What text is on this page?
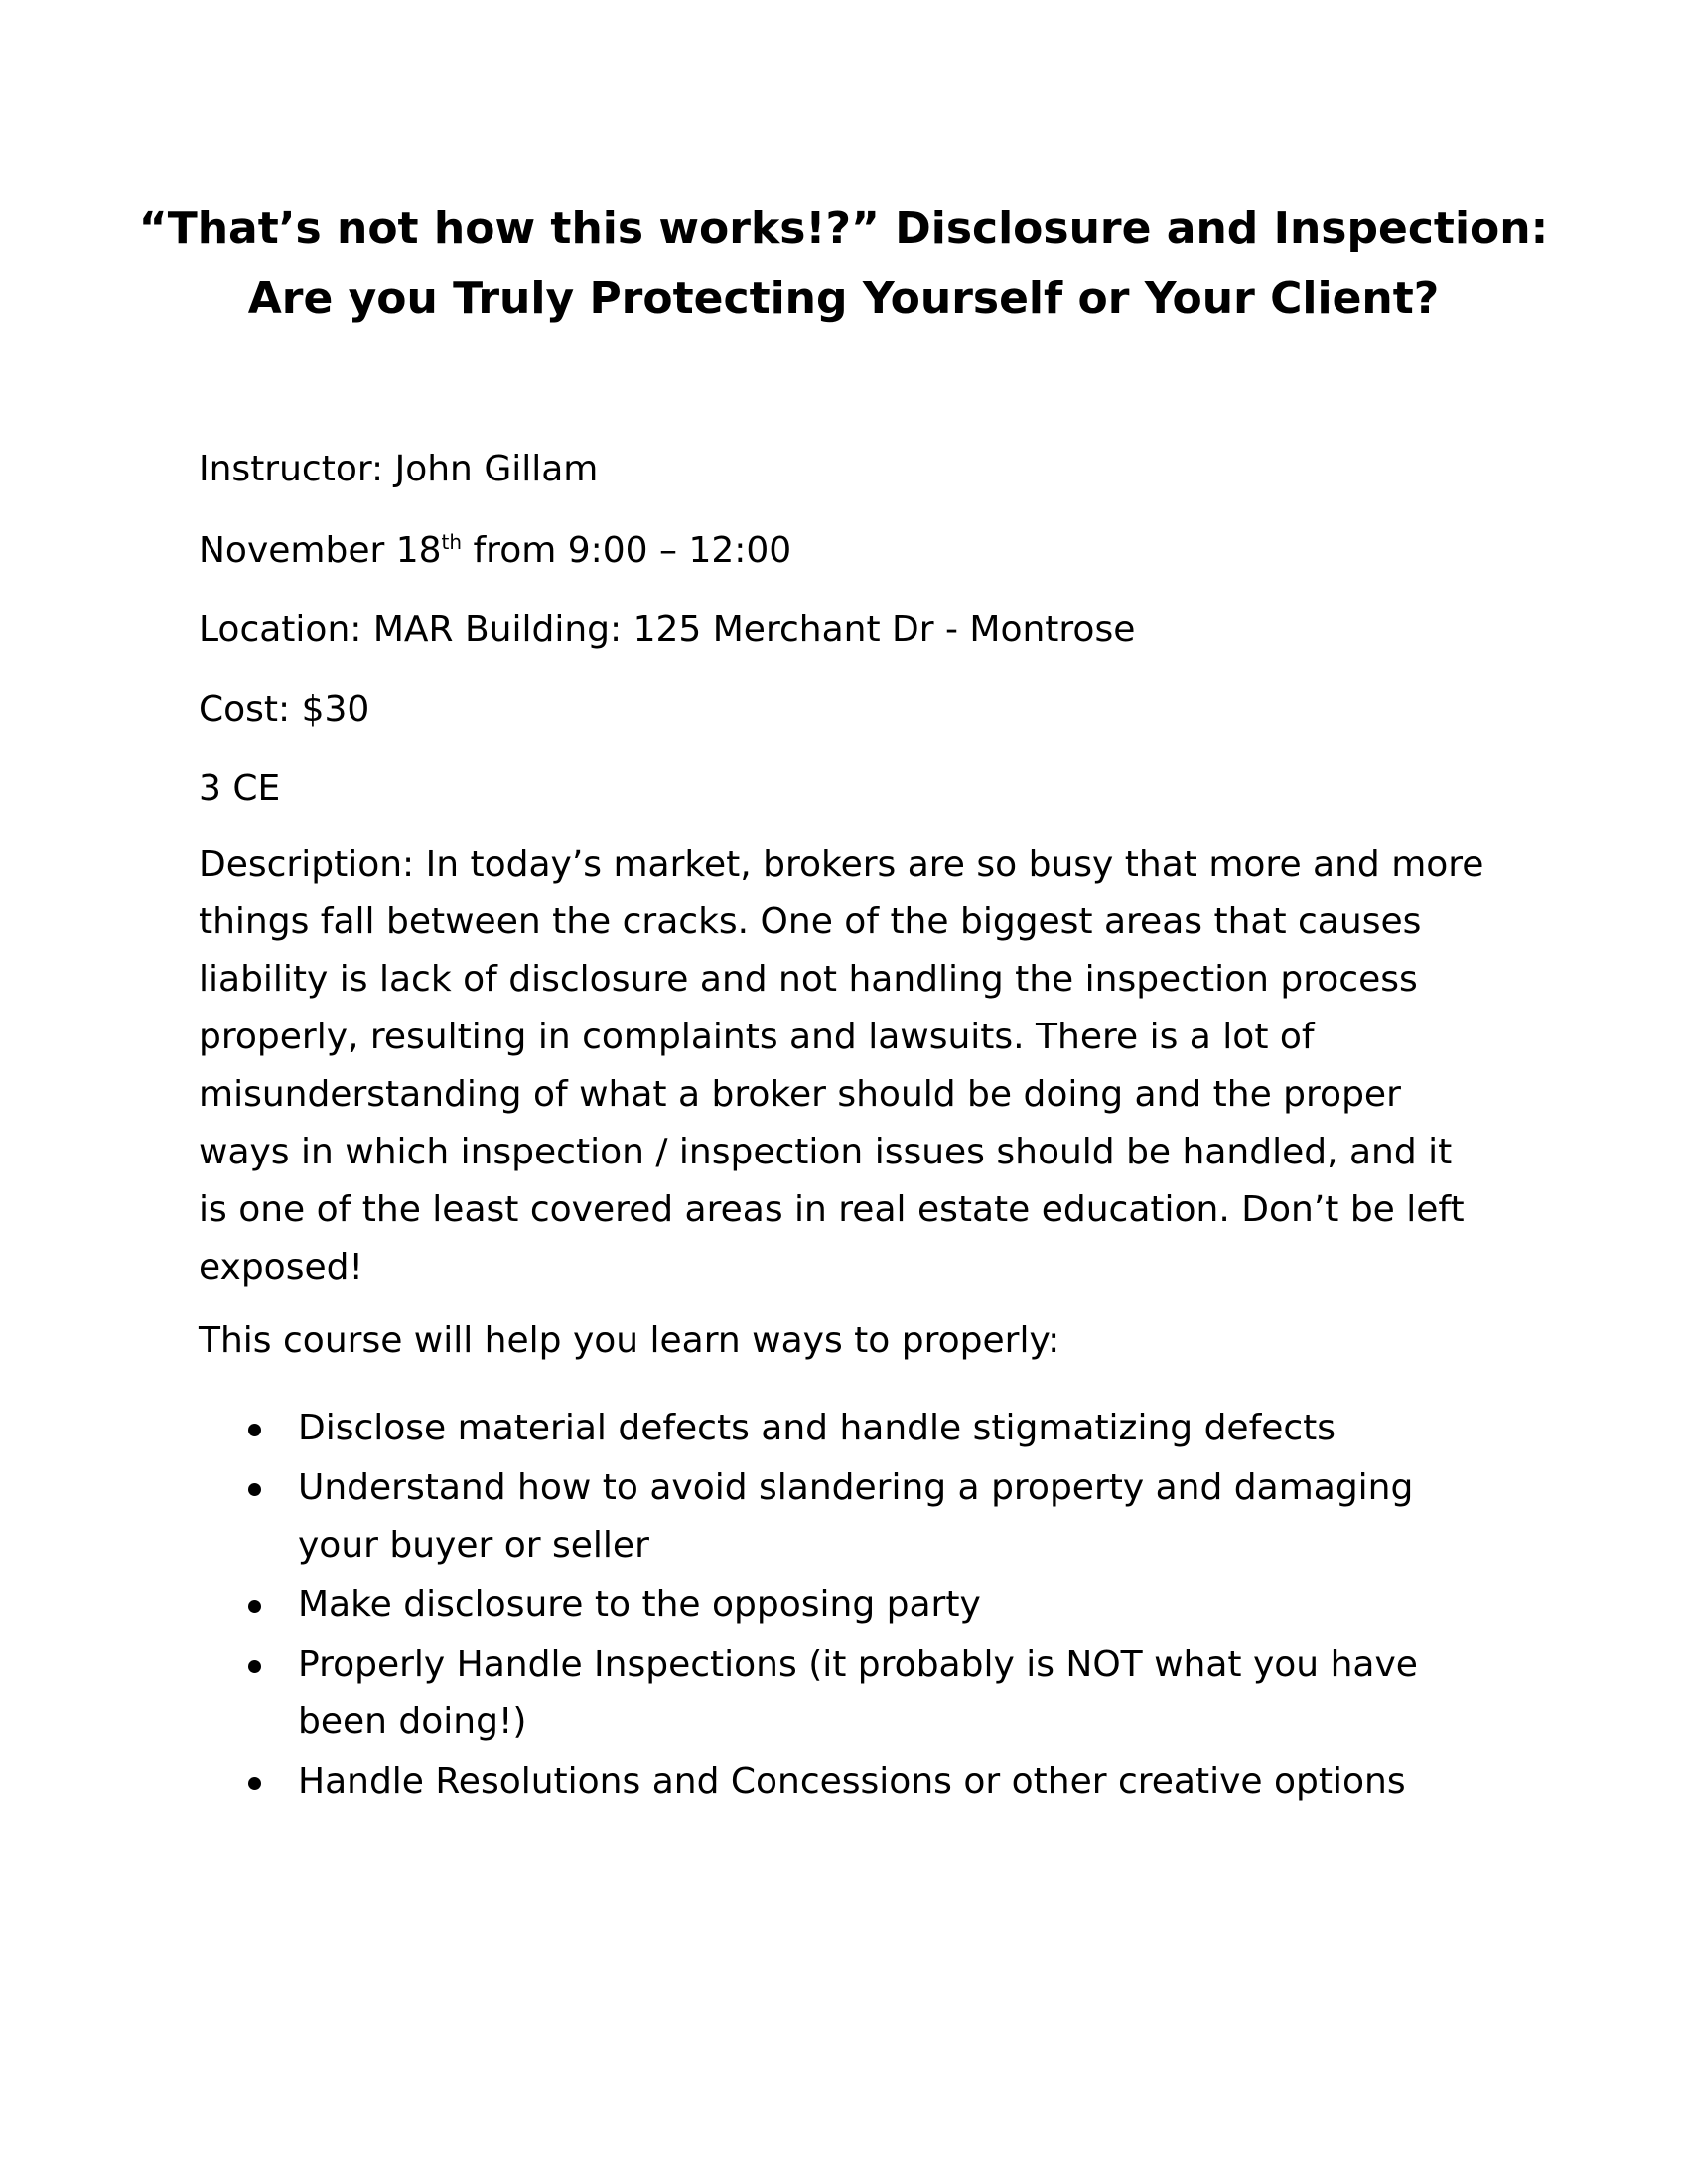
“That’s not how this works!?” Disclosure and Inspection:
Are you Truly Protecting Yourself or Your Client?
Instructor: John Gillam
November 18th from 9:00 – 12:00
Location: MAR Building: 125 Merchant Dr - Montrose
Cost: $30
3 CE
Description: In today’s market, brokers are so busy that more and more things fall between the cracks. One of the biggest areas that causes liability is lack of disclosure and not handling the inspection process properly, resulting in complaints and lawsuits. There is a lot of misunderstanding of what a broker should be doing and the proper ways in which inspection / inspection issues should be handled, and it is one of the least covered areas in real estate education. Don’t be left exposed!
This course will help you learn ways to properly:
Disclose material defects and handle stigmatizing defects
Understand how to avoid slandering a property and damaging your buyer or seller
Make disclosure to the opposing party
Properly Handle Inspections (it probably is NOT what you have been doing!)
Handle Resolutions and Concessions or other creative options
